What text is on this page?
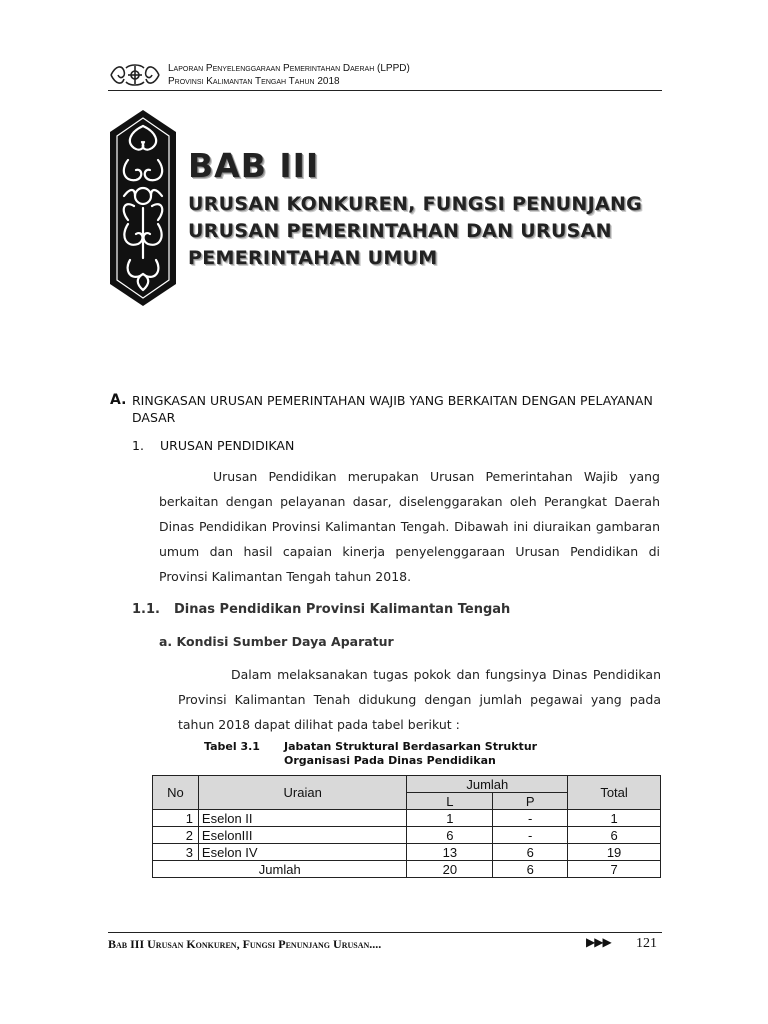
Laporan Penyelenggaraan Pemerintahan Daerah (LPPD)
Provinsi Kalimantan Tengah Tahun 2018
BAB III
URUSAN KONKUREN, FUNGSI PENUNJANG
URUSAN PEMERINTAHAN DAN URUSAN
PEMERINTAHAN UMUM
A. RINGKASAN URUSAN PEMERINTAHAN WAJIB YANG BERKAITAN DENGAN PELAYANAN DASAR
1. URUSAN PENDIDIKAN
Urusan Pendidikan merupakan Urusan Pemerintahan Wajib yang berkaitan dengan pelayanan dasar, diselenggarakan oleh Perangkat Daerah Dinas Pendidikan Provinsi Kalimantan Tengah. Dibawah ini diuraikan gambaran umum dan hasil capaian kinerja penyelenggaraan Urusan Pendidikan di Provinsi Kalimantan Tengah tahun 2018.
1.1. Dinas Pendidikan Provinsi Kalimantan Tengah
a. Kondisi Sumber Daya Aparatur
Dalam melaksanakan tugas pokok dan fungsinya Dinas Pendidikan Provinsi Kalimantan Tenah didukung dengan jumlah pegawai yang pada tahun 2018 dapat dilihat pada tabel berikut :
Tabel 3.1 Jabatan Struktural Berdasarkan Struktur Organisasi Pada Dinas Pendidikan
No	Uraian	Jumlah		Total
		L	P	
1	Eselon II	1	-	1
2	EselonIII	6	-	6
3	Eselon IV	13	6	19
Jumlah		20	6	7
Bab III Urusan Konkuren, Fungsi Penunjang Urusan....	▶▶▶ 121
